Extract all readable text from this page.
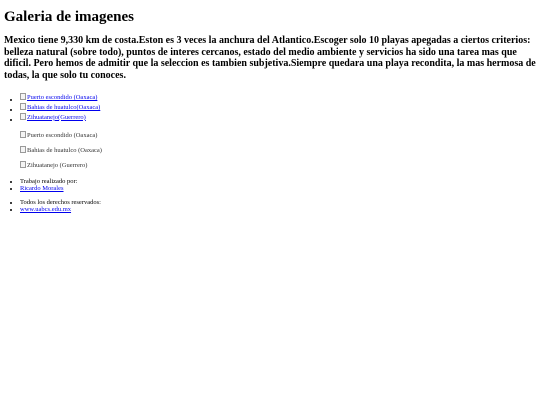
Galeria de imagenes
Mexico tiene 9,330 km de costa.Eston es 3 veces la anchura del Atlantico.Escoger solo 10 playas apegadas a ciertos criterios: belleza natural (sobre todo), puntos de interes cercanos, estado del medio ambiente y servicios ha sido una tarea mas que dificil. Pero hemos de admitir que la seleccion es tambien subjetiva.Siempre quedara una playa recondita, la mas hermosa de todas, la que solo tu conoces.
• Puerto escondido (Oaxaca)
• Bahias de huatulco(Oaxaca)
• Zihuatanejo(Guerrero)
Puerto escondido (Oaxaca)
Bahias de huatulco (Oaxaca)
Zihuatanejo (Guerrero)
• Trabajo realizado por:
• Ricardo Morales
• Todos los derechos reservados:
• www.uabcs.edu.mx
